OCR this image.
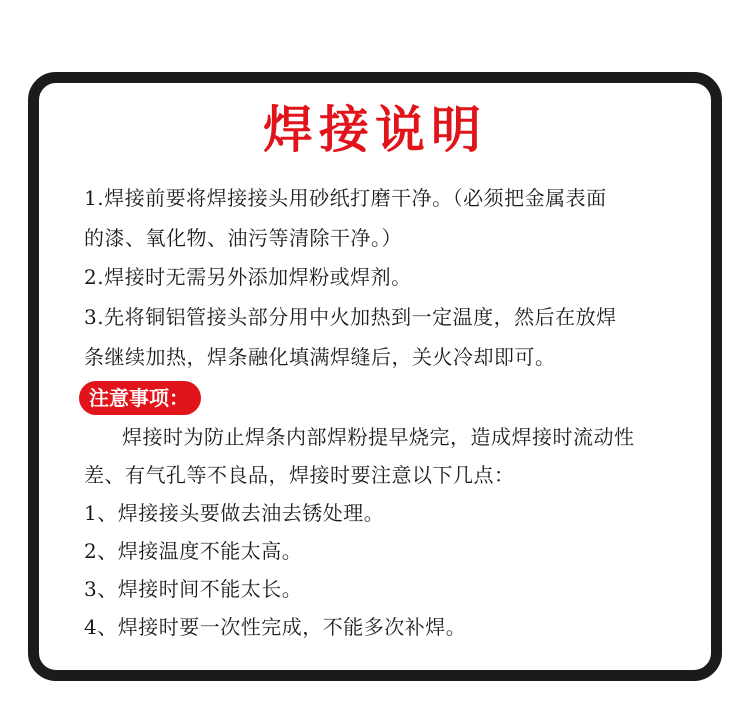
焊接说明
1.焊接前要将焊接接头用砂纸打磨干净。（必须把金属表面
的漆、氧化物、油污等清除干净。）
2.焊接时无需另外添加焊粉或焊剂。
3.先将铜铝管接头部分用中火加热到一定温度，然后在放焊
条继续加热，焊条融化填满焊缝后，关火冷却即可。
注意事项：
焊接时为防止焊条内部焊粉提早烧完，造成焊接时流动性
差、有气孔等不良品，焊接时要注意以下几点：
1、焊接接头要做去油去锈处理。
2、焊接温度不能太高。
3、焊接时间不能太长。
4、焊接时要一次性完成，不能多次补焊。
